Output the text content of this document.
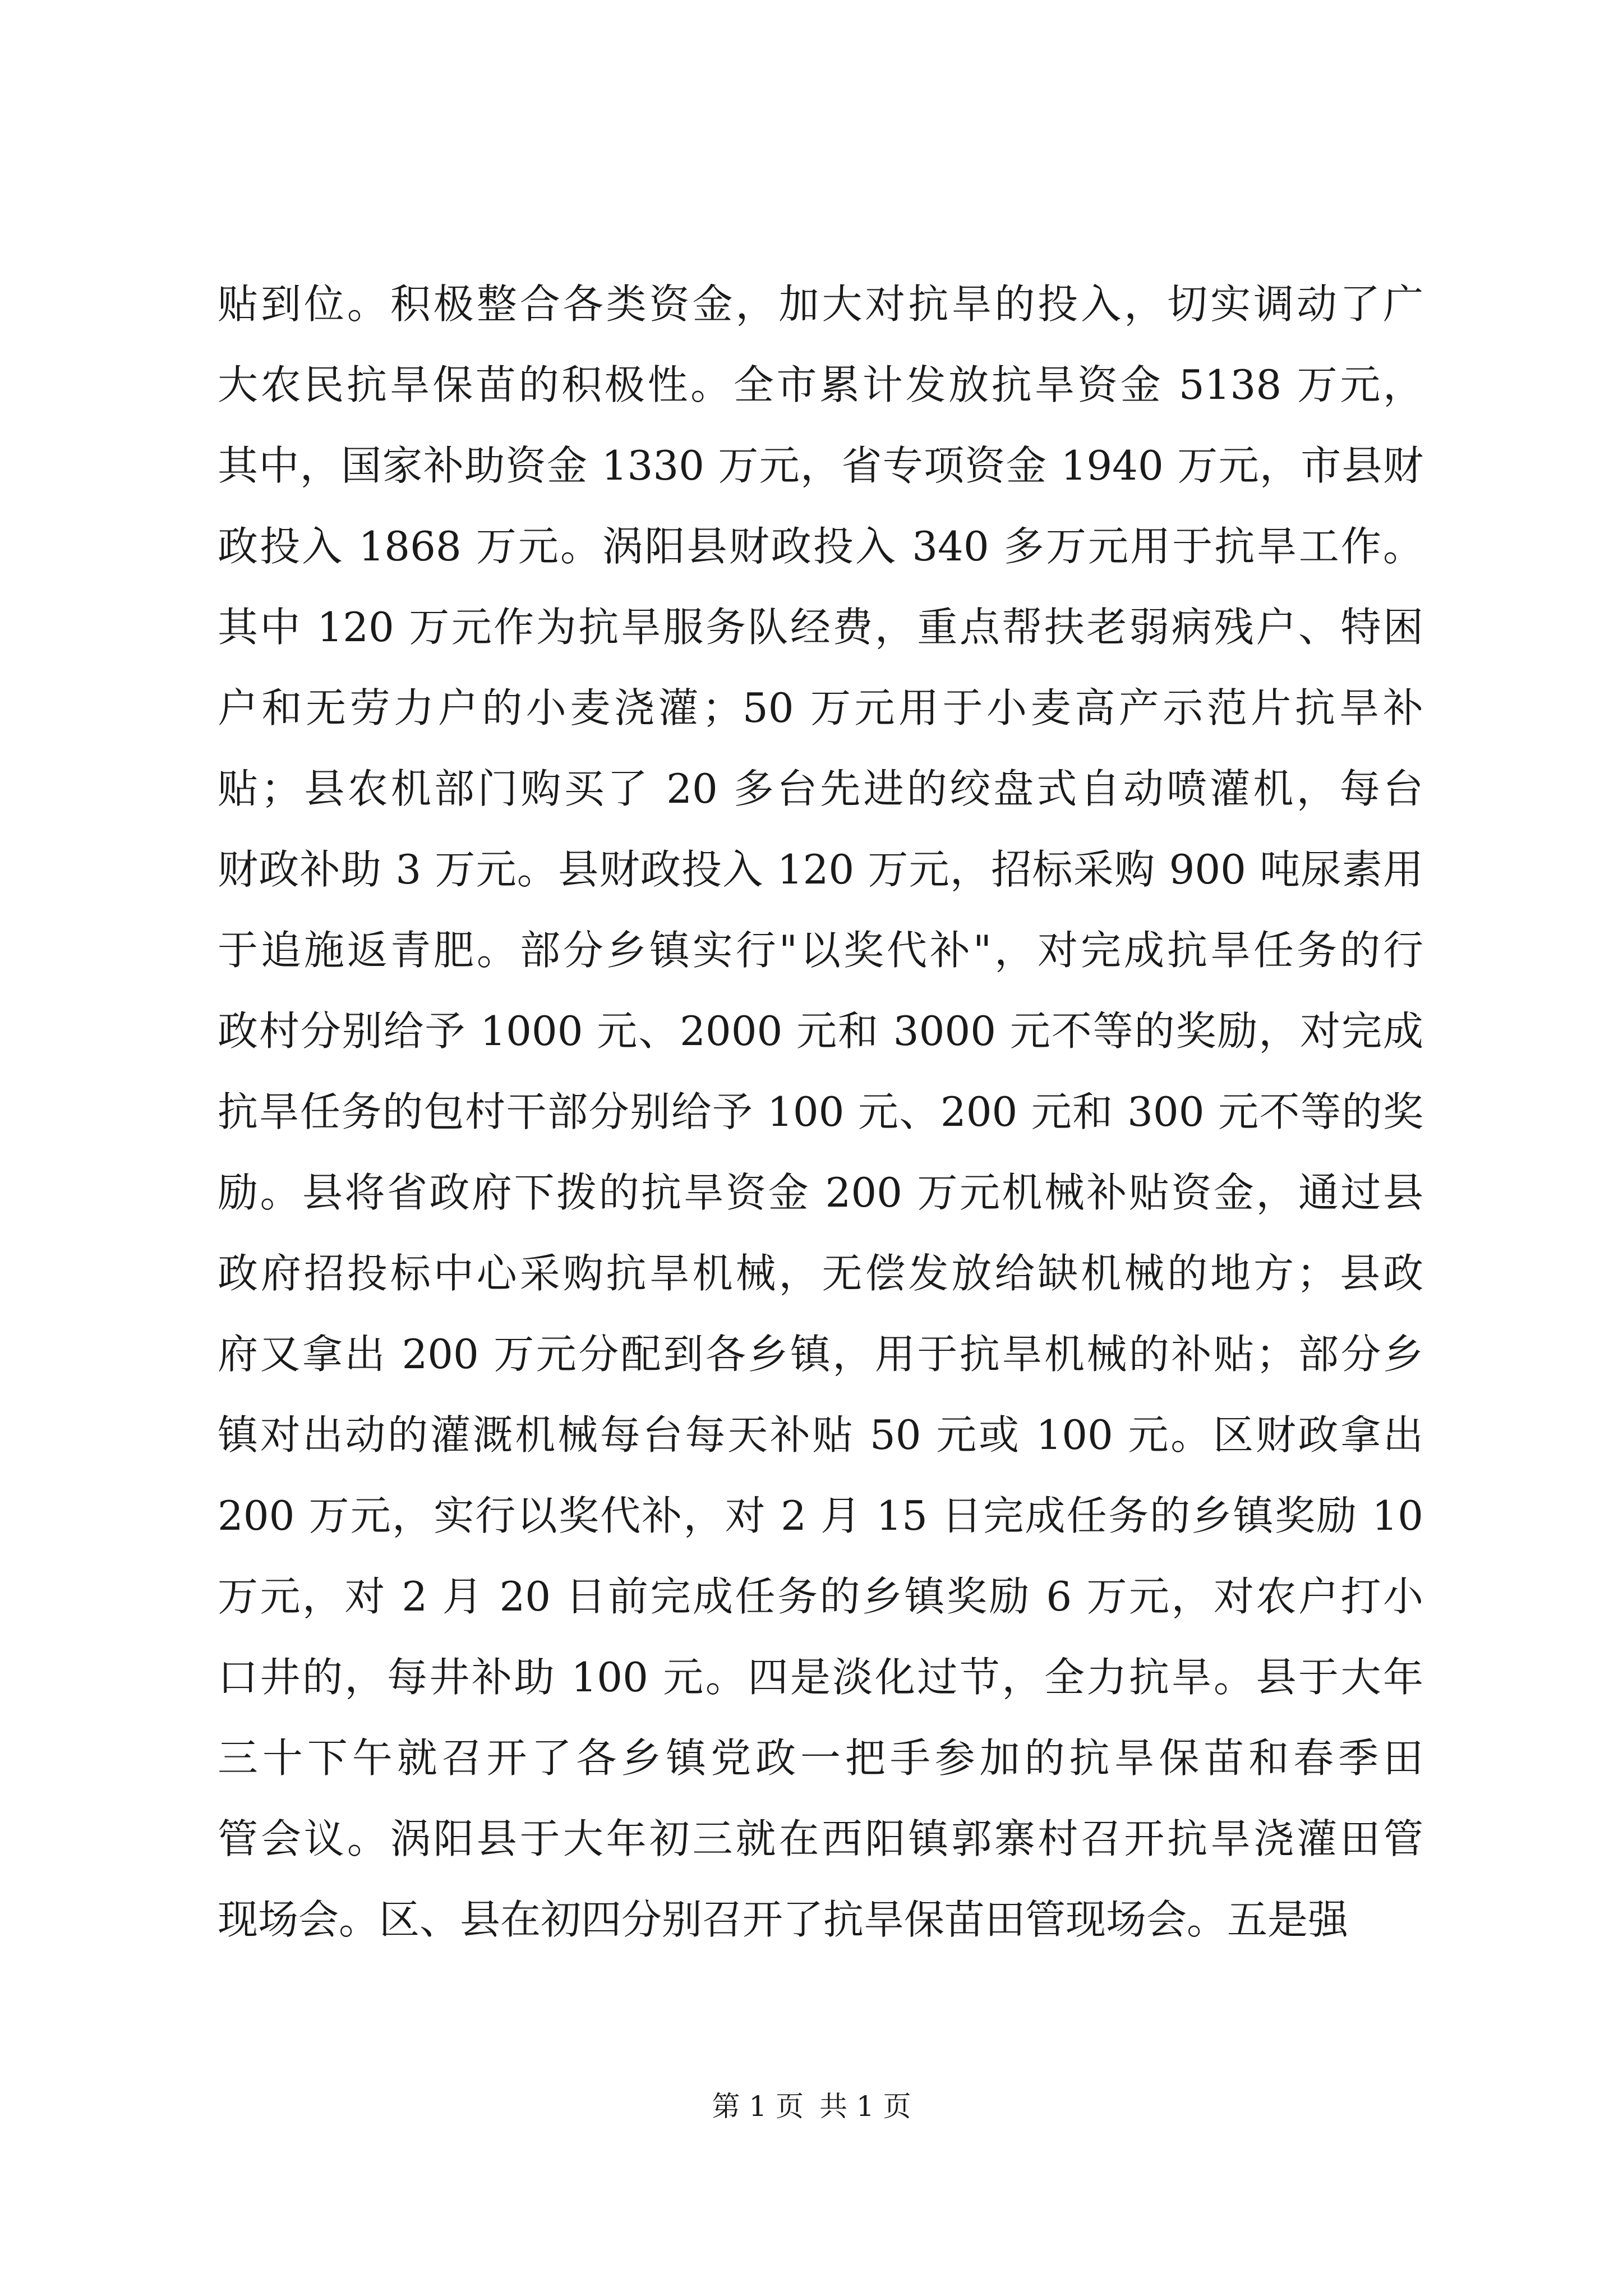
贴到位。积极整合各类资金，加大对抗旱的投入，切实调动了广
大农民抗旱保苗的积极性。全市累计发放抗旱资金 5138 万元，
其中，国家补助资金 1330 万元，省专项资金 1940 万元，市县财
政投入 1868 万元。涡阳县财政投入 340 多万元用于抗旱工作。
其中 120 万元作为抗旱服务队经费，重点帮扶老弱病残户、特困
户和无劳力户的小麦浇灌；50 万元用于小麦高产示范片抗旱补
贴；县农机部门购买了 20 多台先进的绞盘式自动喷灌机，每台
财政补助 3 万元。县财政投入 120 万元，招标采购 900 吨尿素用
于追施返青肥。部分乡镇实行"以奖代补"，对完成抗旱任务的行
政村分别给予 1000 元、2000 元和 3000 元不等的奖励，对完成
抗旱任务的包村干部分别给予 100 元、200 元和 300 元不等的奖
励。县将省政府下拨的抗旱资金 200 万元机械补贴资金，通过县
政府招投标中心采购抗旱机械，无偿发放给缺机械的地方；县政
府又拿出 200 万元分配到各乡镇，用于抗旱机械的补贴；部分乡
镇对出动的灌溉机械每台每天补贴 50 元或 100 元。区财政拿出
200 万元，实行以奖代补，对 2 月 15 日完成任务的乡镇奖励 10
万元，对 2 月 20 日前完成任务的乡镇奖励 6 万元，对农户打小
口井的，每井补助 100 元。四是淡化过节，全力抗旱。县于大年
三十下午就召开了各乡镇党政一把手参加的抗旱保苗和春季田
管会议。涡阳县于大年初三就在西阳镇郭寨村召开抗旱浇灌田管
现场会。区、县在初四分别召开了抗旱保苗田管现场会。五是强
第 1 页 共 1 页
